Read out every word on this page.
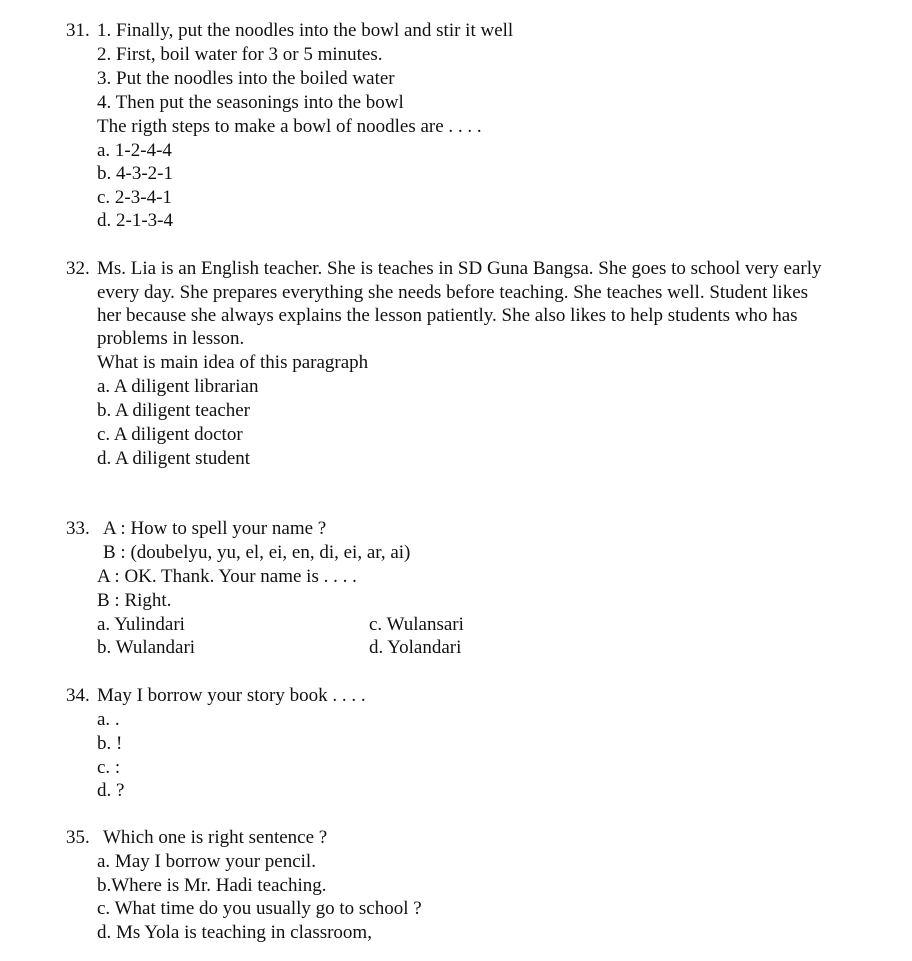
31. 1. Finally, put the noodles into the bowl and stir it well
2. First, boil water for 3 or 5 minutes.
3. Put the noodles into the boiled water
4. Then put the seasonings into the bowl
The rigth steps to make a bowl of noodles are . . . .
a. 1-2-4-4
b. 4-3-2-1
c. 2-3-4-1
d. 2-1-3-4
32. Ms. Lia is an English teacher. She is teaches in SD Guna Bangsa. She goes to school very early
every day. She prepares everything she needs before teaching. She teaches well. Student likes
her because she always explains the lesson patiently. She also likes to help students who has
problems in lesson.
What is main idea of this paragraph
a. A diligent librarian
b. A diligent teacher
c. A diligent doctor
d. A diligent student
33. A : How to spell your name ?
B : (doubelyu, yu, el, ei, en, di, ei, ar, ai)
A : OK. Thank. Your name is . . . .
B : Right.
a. Yulindari
b. Wulandari
c. Wulansari
d. Yolandari
34. May I borrow your story book . . . .
a. .
b. !
c. :
d. ?
35. Which one is right sentence ?
a. May I borrow your pencil.
b.Where is Mr. Hadi teaching.
c. What time do you usually go to school ?
d. Ms Yola is teaching in classroom,
